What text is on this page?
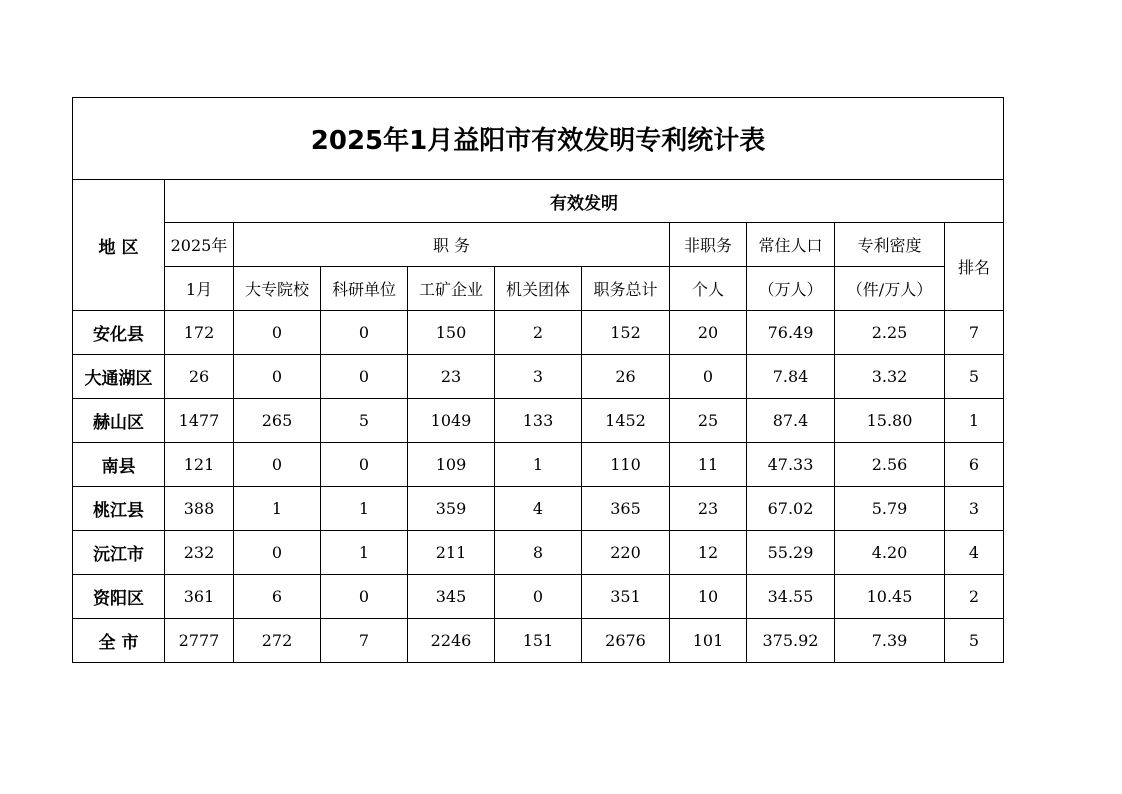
2025年1月益阳市有效发明专利统计表										
地 区	有效发明									
	2025年	职 务					非职务	常住人口	专利密度	排名
	1月	大专院校	科研单位	工矿企业	机关团体	职务总计	个人	（万人）	（件/万人）	
安化县	172	0	0	150	2	152	20	76.49	2.25	7
大通湖区	26	0	0	23	3	26	0	7.84	3.32	5
赫山区	1477	265	5	1049	133	1452	25	87.4	15.80	1
南县	121	0	0	109	1	110	11	47.33	2.56	6
桃江县	388	1	1	359	4	365	23	67.02	5.79	3
沅江市	232	0	1	211	8	220	12	55.29	4.20	4
资阳区	361	6	0	345	0	351	10	34.55	10.45	2
全 市	2777	272	7	2246	151	2676	101	375.92	7.39	5
